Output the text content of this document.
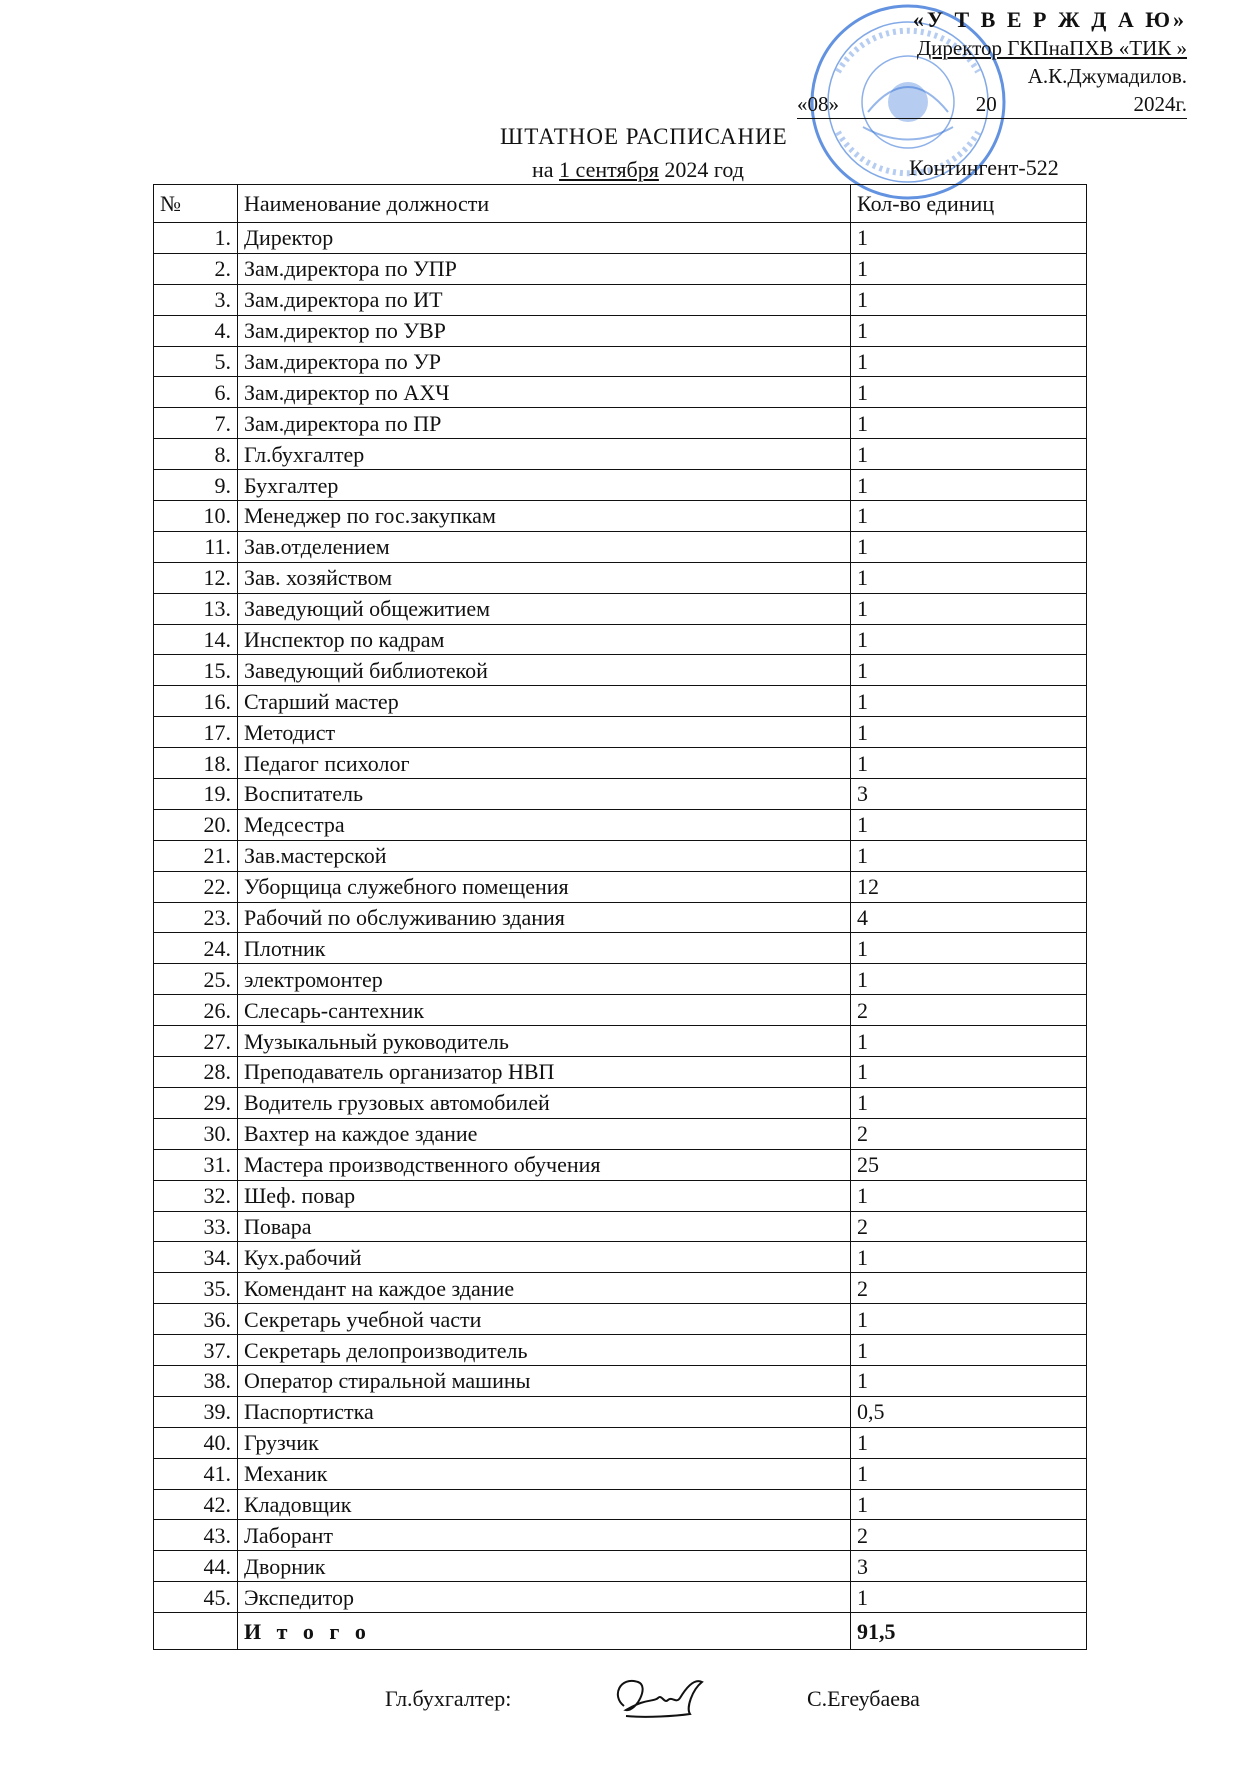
«У Т В Е Р Ж Д А Ю»
Директор ГКПнаПХВ «ТИК »
А.К.Джумадилов.
«08»	20	2024г.
ШТАТНОЕ РАСПИСАНИЕ
на 1 сентября 2024 год	Контингент-522
№	Наименование должности	Кол-во единиц
1.	Директор	1
2.	Зам.директора по УПР	1
3.	Зам.директора по ИТ	1
4.	Зам.директор по УВР	1
5.	Зам.директора по УР	1
6.	Зам.директор по АХЧ	1
7.	Зам.директора по ПР	1
8.	Гл.бухгалтер	1
9.	Бухгалтер	1
10.	Менеджер по гос.закупкам	1
11.	Зав.отделением	1
12.	Зав. хозяйством	1
13.	Заведующий общежитием	1
14.	Инспектор по кадрам	1
15.	Заведующий библиотекой	1
16.	Старший мастер	1
17.	Методист	1
18.	Педагог психолог	1
19.	Воспитатель	3
20.	Медсестра	1
21.	Зав.мастерской	1
22.	Уборщица служебного помещения	12
23.	Рабочий по обслуживанию здания	4
24.	Плотник	1
25.	электромонтер	1
26.	Слесарь-сантехник	2
27.	Музыкальный руководитель	1
28.	Преподаватель организатор НВП	1
29.	Водитель грузовых автомобилей	1
30.	Вахтер на каждое здание	2
31.	Мастера производственного обучения	25
32.	Шеф. повар	1
33.	Повара	2
34.	Кух.рабочий	1
35.	Комендант на каждое здание	2
36.	Секретарь учебной части	1
37.	Секретарь делопроизводитель	1
38.	Оператор стиральной машины	1
39.	Паспортистка	0,5
40.	Грузчик	1
41.	Механик	1
42.	Кладовщик	1
43.	Лаборант	2
44.	Дворник	3
45.	Экспедитор	1
	И т о г о	91,5
Гл.бухгалтер:	С.Егеубаева
